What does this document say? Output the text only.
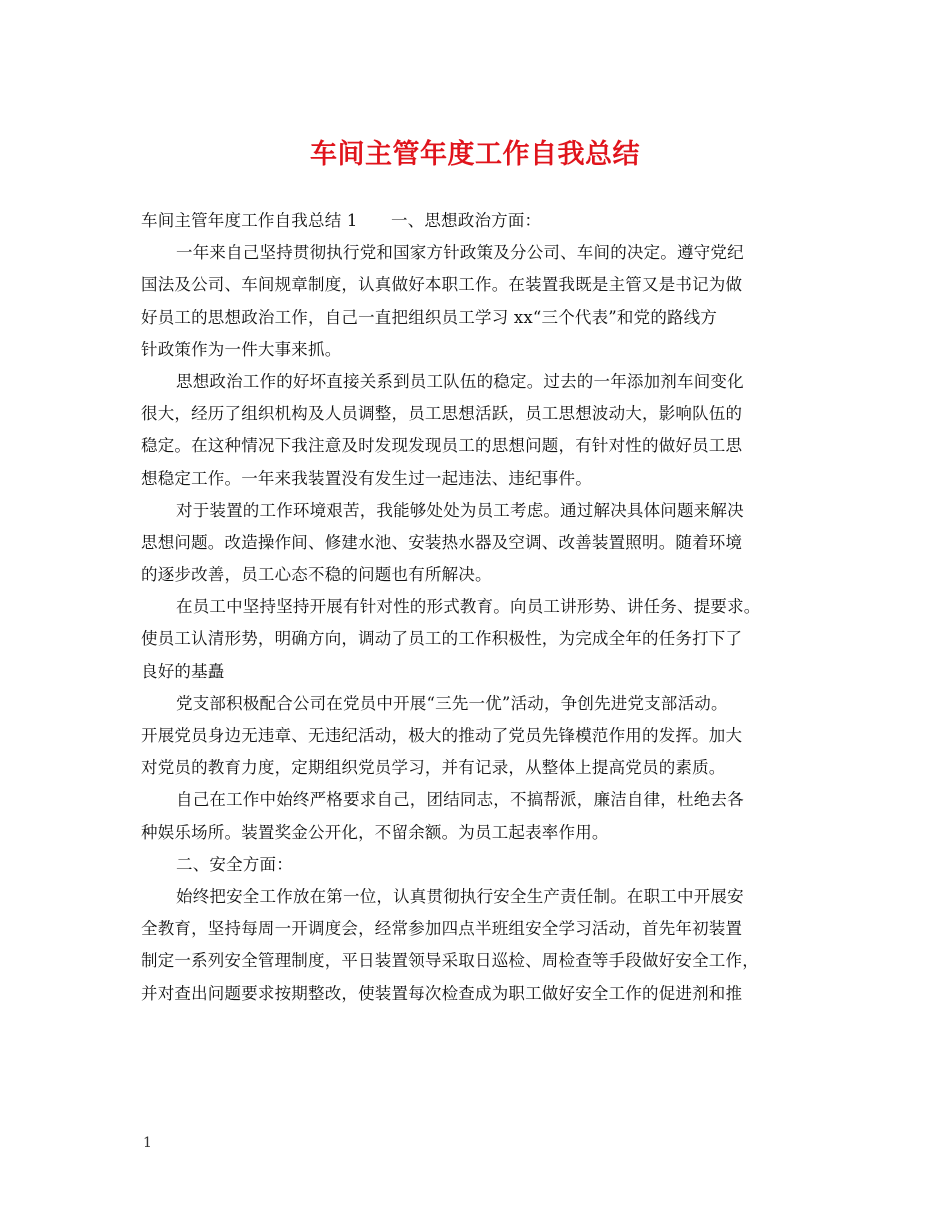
车间主管年度工作自我总结
车间主管年度工作自我总结 1　　一、思想政治方面：
一年来自己坚持贯彻执行党和国家方针政策及分公司、车间的决定。遵守党纪
国法及公司、车间规章制度，认真做好本职工作。在装置我既是主管又是书记为做
好员工的思想政治工作，自己一直把组织员工学习 xx“三个代表”和党的路线方
针政策作为一件大事来抓。
思想政治工作的好坏直接关系到员工队伍的稳定。过去的一年添加剂车间变化
很大，经历了组织机构及人员调整，员工思想活跃，员工思想波动大，影响队伍的
稳定。在这种情况下我注意及时发现发现员工的思想问题，有针对性的做好员工思
想稳定工作。一年来我装置没有发生过一起违法、违纪事件。
对于装置的工作环境艰苦，我能够处处为员工考虑。通过解决具体问题来解决
思想问题。改造操作间、修建水池、安装热水器及空调、改善装置照明。随着环境
的逐步改善，员工心态不稳的问题也有所解决。
在员工中坚持坚持开展有针对性的形式教育。向员工讲形势、讲任务、提要求。
使员工认清形势，明确方向，调动了员工的工作积极性，为完成全年的任务打下了
良好的基矗
党支部积极配合公司在党员中开展“三先一优”活动，争创先进党支部活动。
开展党员身边无违章、无违纪活动，极大的推动了党员先锋模范作用的发挥。加大
对党员的教育力度，定期组织党员学习，并有记录，从整体上提高党员的素质。
自己在工作中始终严格要求自己，团结同志，不搞帮派，廉洁自律，杜绝去各
种娱乐场所。装置奖金公开化，不留余额。为员工起表率作用。
二、安全方面：
始终把安全工作放在第一位，认真贯彻执行安全生产责任制。在职工中开展安
全教育，坚持每周一开调度会，经常参加四点半班组安全学习活动，首先年初装置
制定一系列安全管理制度，平日装置领导采取日巡检、周检查等手段做好安全工作，
并对查出问题要求按期整改，使装置每次检查成为职工做好安全工作的促进剂和推
1
